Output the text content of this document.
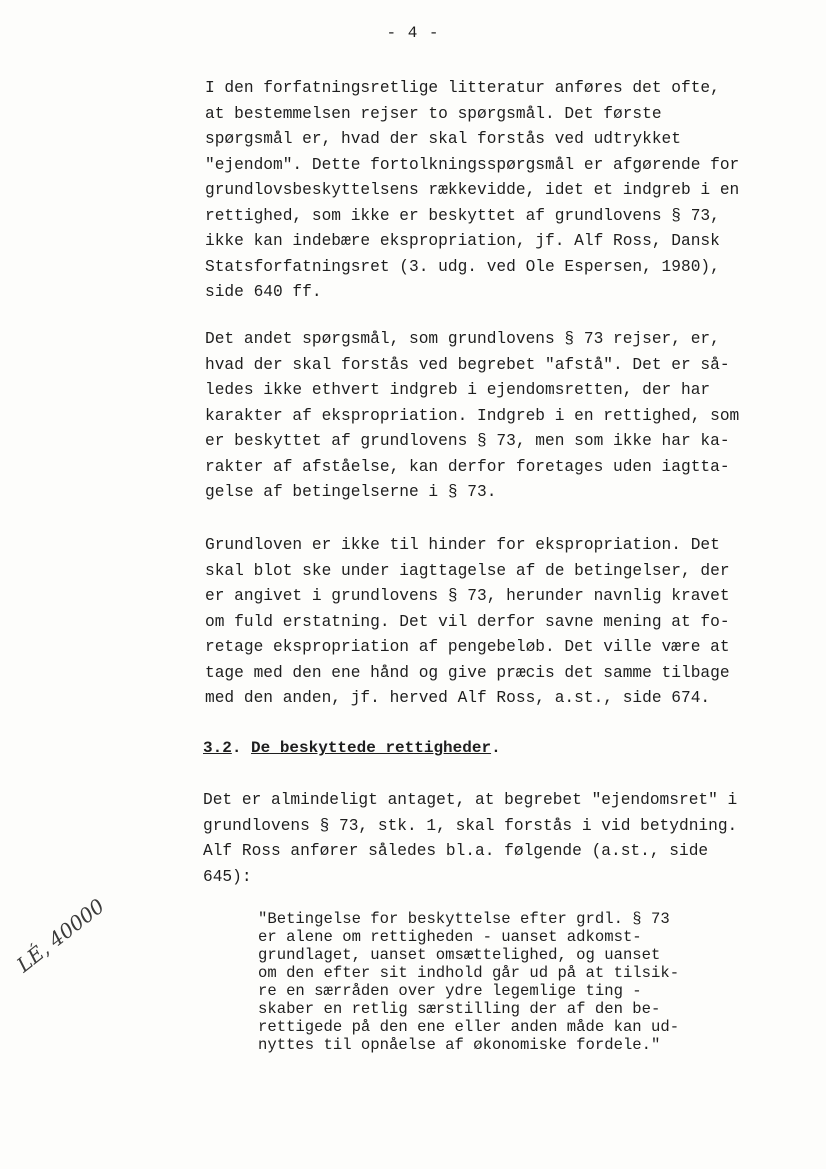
- 4 -
I den forfatningsretlige litteratur anføres det ofte,
at bestemmelsen rejser to spørgsmål. Det første
spørgsmål er, hvad der skal forstås ved udtrykket
"ejendom". Dette fortolkningsspørgsmål er afgørende for
grundlovsbeskyttelsens rækkevidde, idet et indgreb i en
rettighed, som ikke er beskyttet af grundlovens § 73,
ikke kan indebære ekspropriation, jf. Alf Ross, Dansk
Statsforfatningsret (3. udg. ved Ole Espersen, 1980),
side 640 ff.
Det andet spørgsmål, som grundlovens § 73 rejser, er,
hvad der skal forstås ved begrebet "afstå". Det er så-
ledes ikke ethvert indgreb i ejendomsretten, der har
karakter af ekspropriation. Indgreb i en rettighed, som
er beskyttet af grundlovens § 73, men som ikke har ka-
rakter af afståelse, kan derfor foretages uden iagtta-
gelse af betingelserne i § 73.
Grundloven er ikke til hinder for ekspropriation. Det
skal blot ske under iagttagelse af de betingelser, der
er angivet i grundlovens § 73, herunder navnlig kravet
om fuld erstatning. Det vil derfor savne mening at fo-
retage ekspropriation af pengebeløb. Det ville være at
tage med den ene hånd og give præcis det samme tilbage
med den anden, jf. herved Alf Ross, a.st., side 674.
3.2. De beskyttede rettigheder.
Det er almindeligt antaget, at begrebet "ejendomsret" i
grundlovens § 73, stk. 1, skal forstås i vid betydning.
Alf Ross anfører således bl.a. følgende (a.st., side
645):
"Betingelse for beskyttelse efter grdl. § 73
er alene om rettigheden - uanset adkomst-
grundlaget, uanset omsættelighed, og uanset
om den efter sit indhold går ud på at tilsik-
re en særråden over ydre legemlige ting -
skaber en retlig særstilling der af den be-
rettigede på den ene eller anden måde kan ud-
nyttes til opnåelse af økonomiske fordele."
LÉ, 40000
